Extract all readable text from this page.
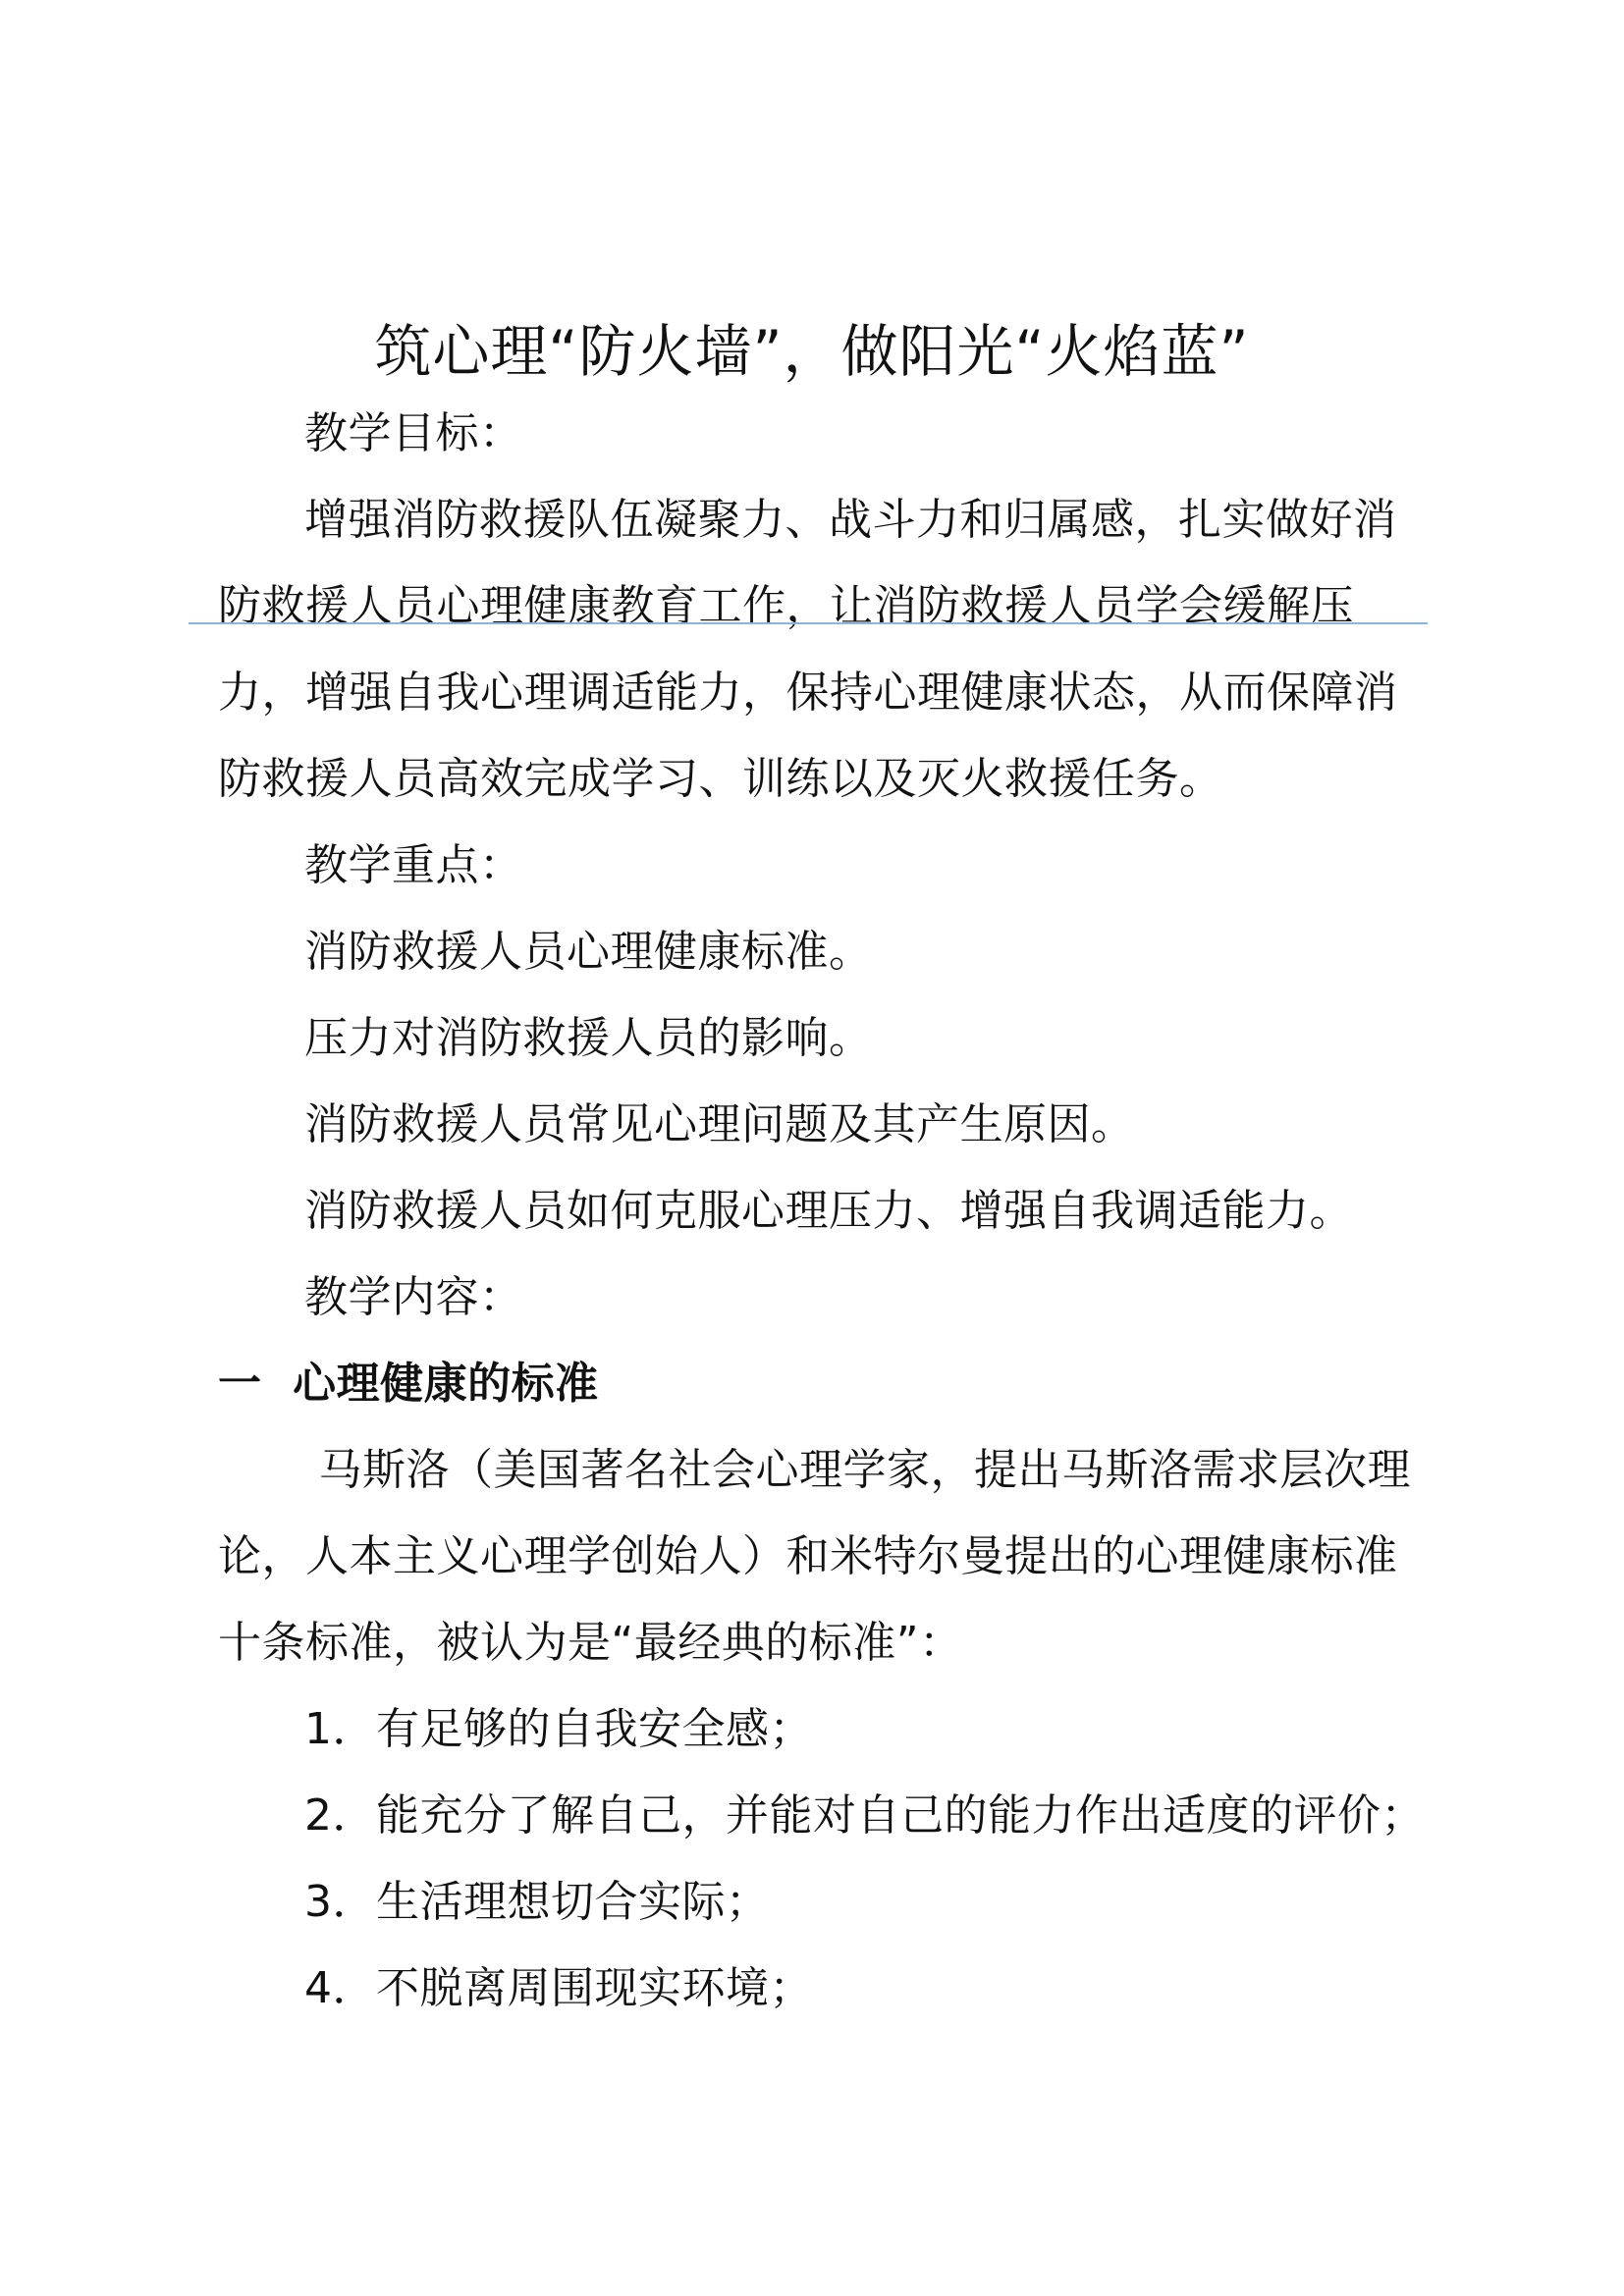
筑心理“防火墙”，做阳光“火焰蓝”
教学目标：
增强消防救援队伍凝聚力、战斗力和归属感，扎实做好消
防救援人员心理健康教育工作，让消防救援人员学会缓解压
力，增强自我心理调适能力，保持心理健康状态，从而保障消
防救援人员高效完成学习、训练以及灭火救援任务。
教学重点：
消防救援人员心理健康标准。
压力对消防救援人员的影响。
消防救援人员常见心理问题及其产生原因。
消防救援人员如何克服心理压力、增强自我调适能力。
教学内容：
一  心理健康的标准
马斯洛（美国著名社会心理学家，提出马斯洛需求层次理
论，人本主义心理学创始人）和米特尔曼提出的心理健康标准
十条标准，被认为是“最经典的标准”：
1．有足够的自我安全感；
2．能充分了解自己，并能对自己的能力作出适度的评价；
3．生活理想切合实际；
4．不脱离周围现实环境；
